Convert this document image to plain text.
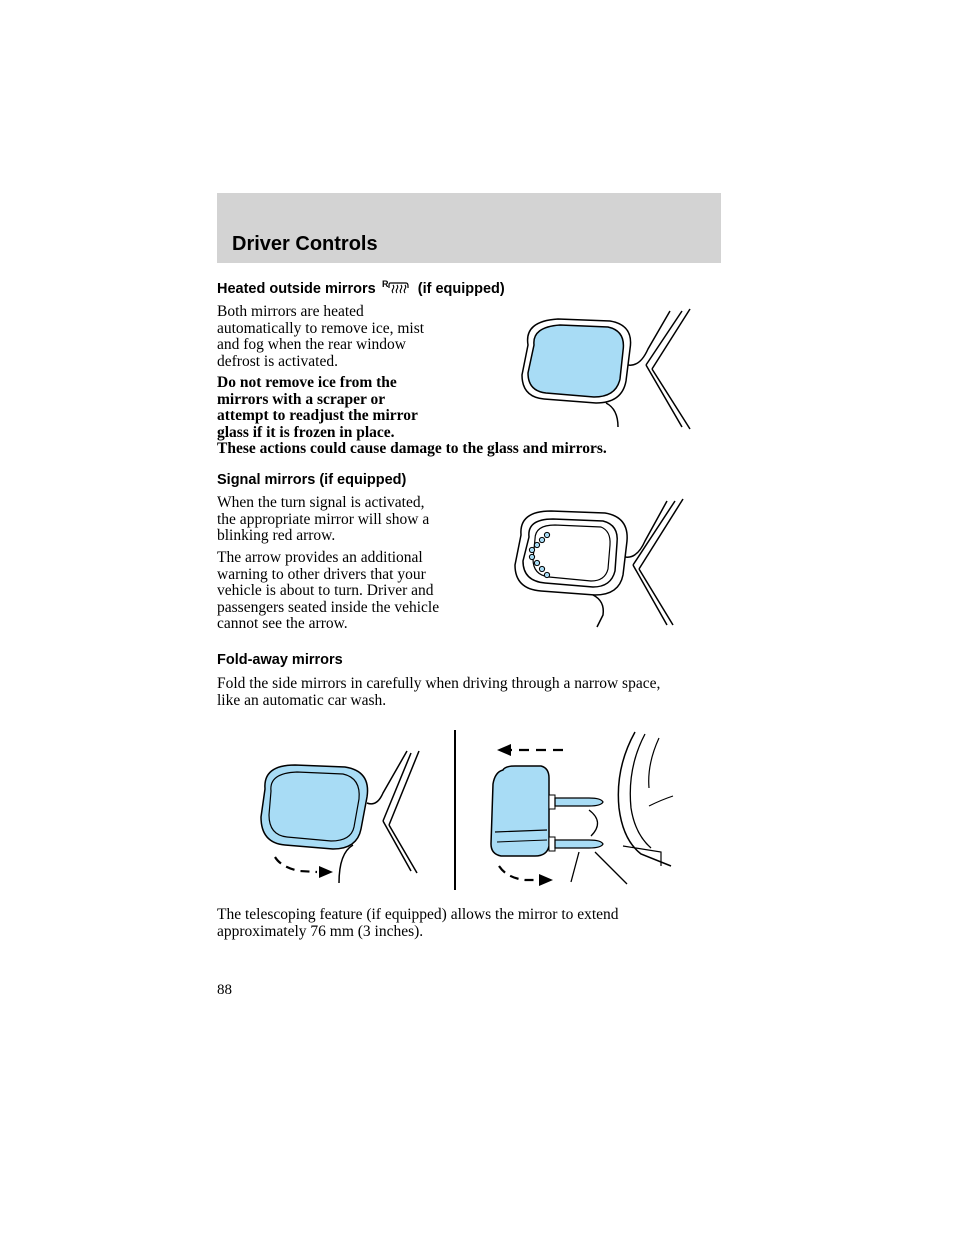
Driver Controls
Heated outside mirrors R (if equipped)
Both mirrors are heated
automatically to remove ice, mist
and fog when the rear window
defrost is activated.
Do not remove ice from the
mirrors with a scraper or
attempt to readjust the mirror
glass if it is frozen in place.
These actions could cause damage to the glass and mirrors.
Signal mirrors (if equipped)
When the turn signal is activated,
the appropriate mirror will show a
blinking red arrow.
The arrow provides an additional
warning to other drivers that your
vehicle is about to turn. Driver and
passengers seated inside the vehicle
cannot see the arrow.
Fold-away mirrors
Fold the side mirrors in carefully when driving through a narrow space,
like an automatic car wash.
The telescoping feature (if equipped) allows the mirror to extend
approximately 76 mm (3 inches).
88
